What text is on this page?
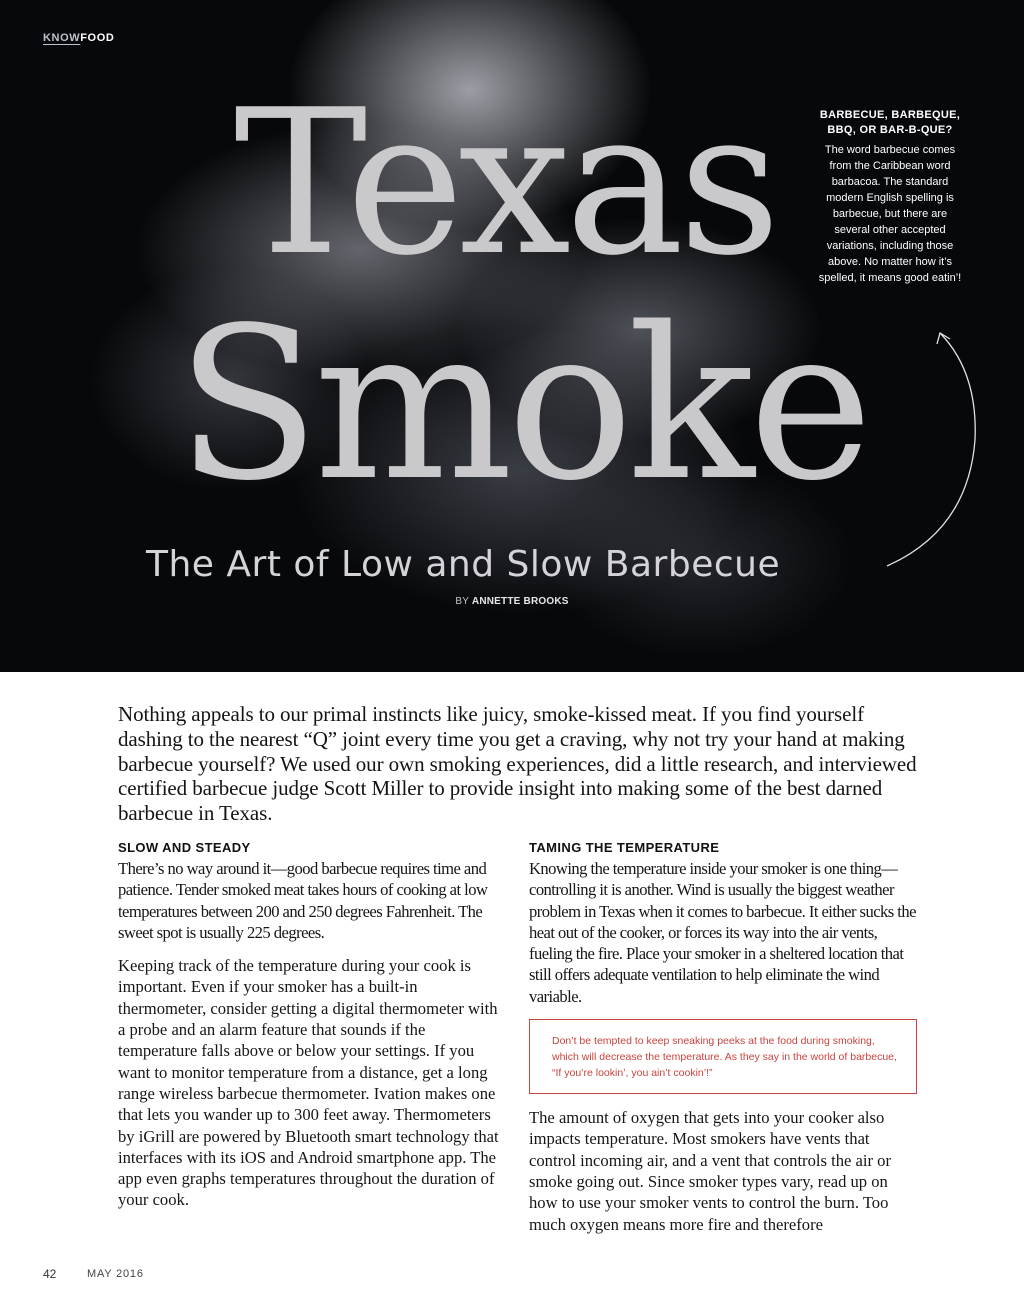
KNOWFOOD
Texas
Smoke
The Art of Low and Slow Barbecue
BY ANNETTE BROOKS
BARBECUE, BARBEQUE, BBQ, OR BAR-B-QUE?

The word barbecue comes from the Caribbean word barbacoa. The standard modern English spelling is barbecue, but there are several other accepted variations, including those above. No matter how it’s spelled, it means good eatin’!

Nothing appeals to our primal instincts like juicy, smoke-kissed meat. If you find yourself dashing to the nearest “Q” joint every time you get a craving, why not try your hand at making barbecue yourself? We used our own smoking experiences, did a little research, and interviewed certified barbecue judge Scott Miller to provide insight into making some of the best darned barbecue in Texas.

SLOW AND STEADY

There’s no way around it—good barbecue requires time and patience. Tender smoked meat takes hours of cooking at low temperatures between 200 and 250 degrees Fahrenheit. The sweet spot is usually 225 degrees.

Keeping track of the temperature during your cook is important. Even if your smoker has a built-in thermometer, consider getting a digital thermometer with a probe and an alarm feature that sounds if the temperature falls above or below your settings. If you want to monitor temperature from a distance, get a long range wireless barbecue thermometer. Ivation makes one that lets you wander up to 300 feet away. Thermometers by iGrill are powered by Bluetooth smart technology that interfaces with its iOS and Android smartphone app. The app even graphs temperatures throughout the duration of your cook.

TAMING THE TEMPERATURE

Knowing the temperature inside your smoker is one thing—controlling it is another. Wind is usually the biggest weather problem in Texas when it comes to barbecue. It either sucks the heat out of the cooker, or forces its way into the air vents, fueling the fire. Place your smoker in a sheltered location that still offers adequate ventilation to help eliminate the wind variable.

Don’t be tempted to keep sneaking peeks at the food during smoking, which will decrease the temperature. As they say in the world of barbecue, “If you’re lookin’, you ain’t cookin’!”

The amount of oxygen that gets into your cooker also impacts temperature. Most smokers have vents that control incoming air, and a vent that controls the air or smoke going out. Since smoker types vary, read up on how to use your smoker vents to control the burn. Too much oxygen means more fire and therefore

42	MAY 2016
